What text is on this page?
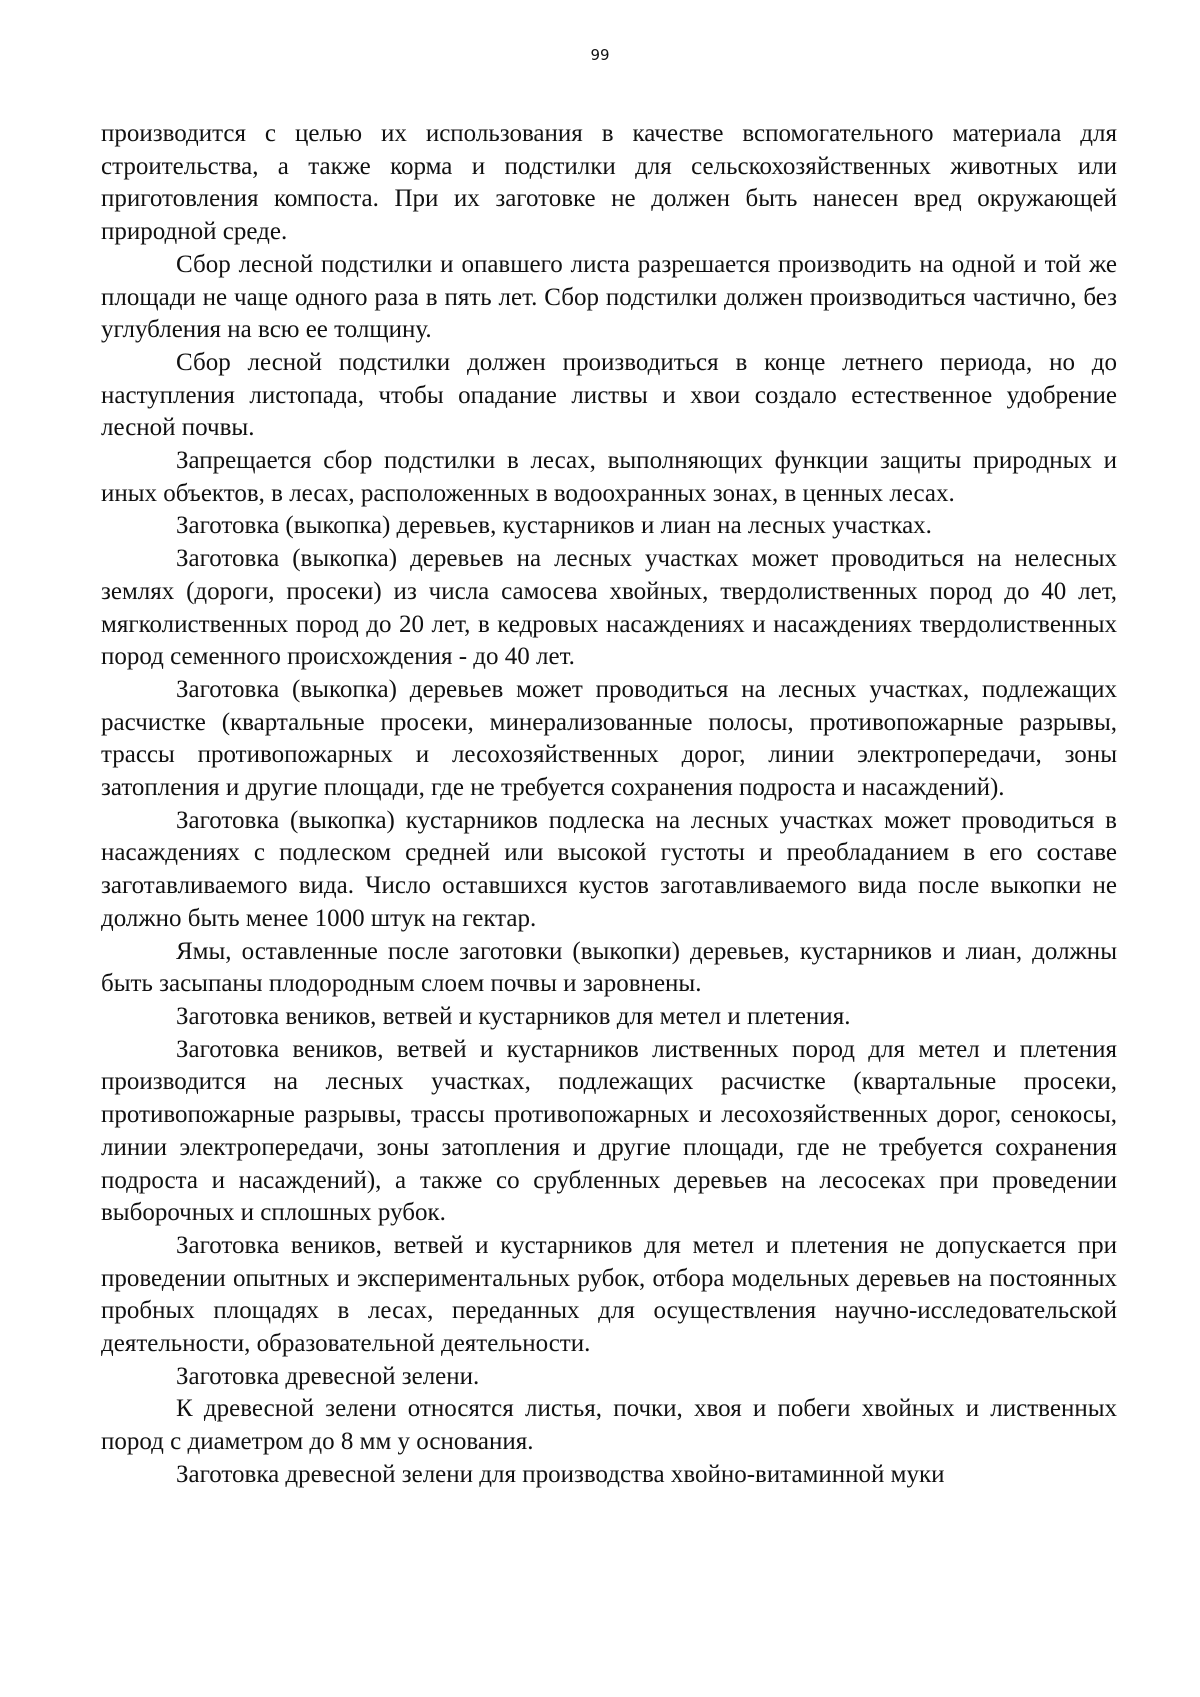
99

производится с целью их использования в качестве вспомогательного материала для строительства, а также корма и подстилки для сельскохозяйственных животных или приготовления компоста. При их заготовке не должен быть нанесен вред окружающей природной среде.

Сбор лесной подстилки и опавшего листа разрешается производить на одной и той же площади не чаще одного раза в пять лет. Сбор подстилки должен производиться частично, без углубления на всю ее толщину.

Сбор лесной подстилки должен производиться в конце летнего периода, но до наступления листопада, чтобы опадание листвы и хвои создало естественное удобрение лесной почвы.

Запрещается сбор подстилки в лесах, выполняющих функции защиты природных и иных объектов, в лесах, расположенных в водоохранных зонах, в ценных лесах.

Заготовка (выкопка) деревьев, кустарников и лиан на лесных участках.

Заготовка (выкопка) деревьев на лесных участках может проводиться на нелесных землях (дороги, просеки) из числа самосева хвойных, твердолиственных пород до 40 лет, мягколиственных пород до 20 лет, в кедровых насаждениях и насаждениях твердолиственных пород семенного происхождения - до 40 лет.

Заготовка (выкопка) деревьев может проводиться на лесных участках, подлежащих расчистке (квартальные просеки, минерализованные полосы, противопожарные разрывы, трассы противопожарных и лесохозяйственных дорог, линии электропередачи, зоны затопления и другие площади, где не требуется сохранения подроста и насаждений).

Заготовка (выкопка) кустарников подлеска на лесных участках может проводиться в насаждениях с подлеском средней или высокой густоты и преобладанием в его составе заготавливаемого вида. Число оставшихся кустов заготавливаемого вида после выкопки не должно быть менее 1000 штук на гектар.

Ямы, оставленные после заготовки (выкопки) деревьев, кустарников и лиан, должны быть засыпаны плодородным слоем почвы и заровнены.

Заготовка веников, ветвей и кустарников для метел и плетения.

Заготовка веников, ветвей и кустарников лиственных пород для метел и плетения производится на лесных участках, подлежащих расчистке (квартальные просеки, противопожарные разрывы, трассы противопожарных и лесохозяйственных дорог, сенокосы, линии электропередачи, зоны затопления и другие площади, где не требуется сохранения подроста и насаждений), а также со срубленных деревьев на лесосеках при проведении выборочных и сплошных рубок.

Заготовка веников, ветвей и кустарников для метел и плетения не допускается при проведении опытных и экспериментальных рубок, отбора модельных деревьев на постоянных пробных площадях в лесах, переданных для осуществления научно-исследовательской деятельности, образовательной деятельности.

Заготовка древесной зелени.

К древесной зелени относятся листья, почки, хвоя и побеги хвойных и лиственных пород с диаметром до 8 мм у основания.

Заготовка древесной зелени для производства хвойно-витаминной муки
